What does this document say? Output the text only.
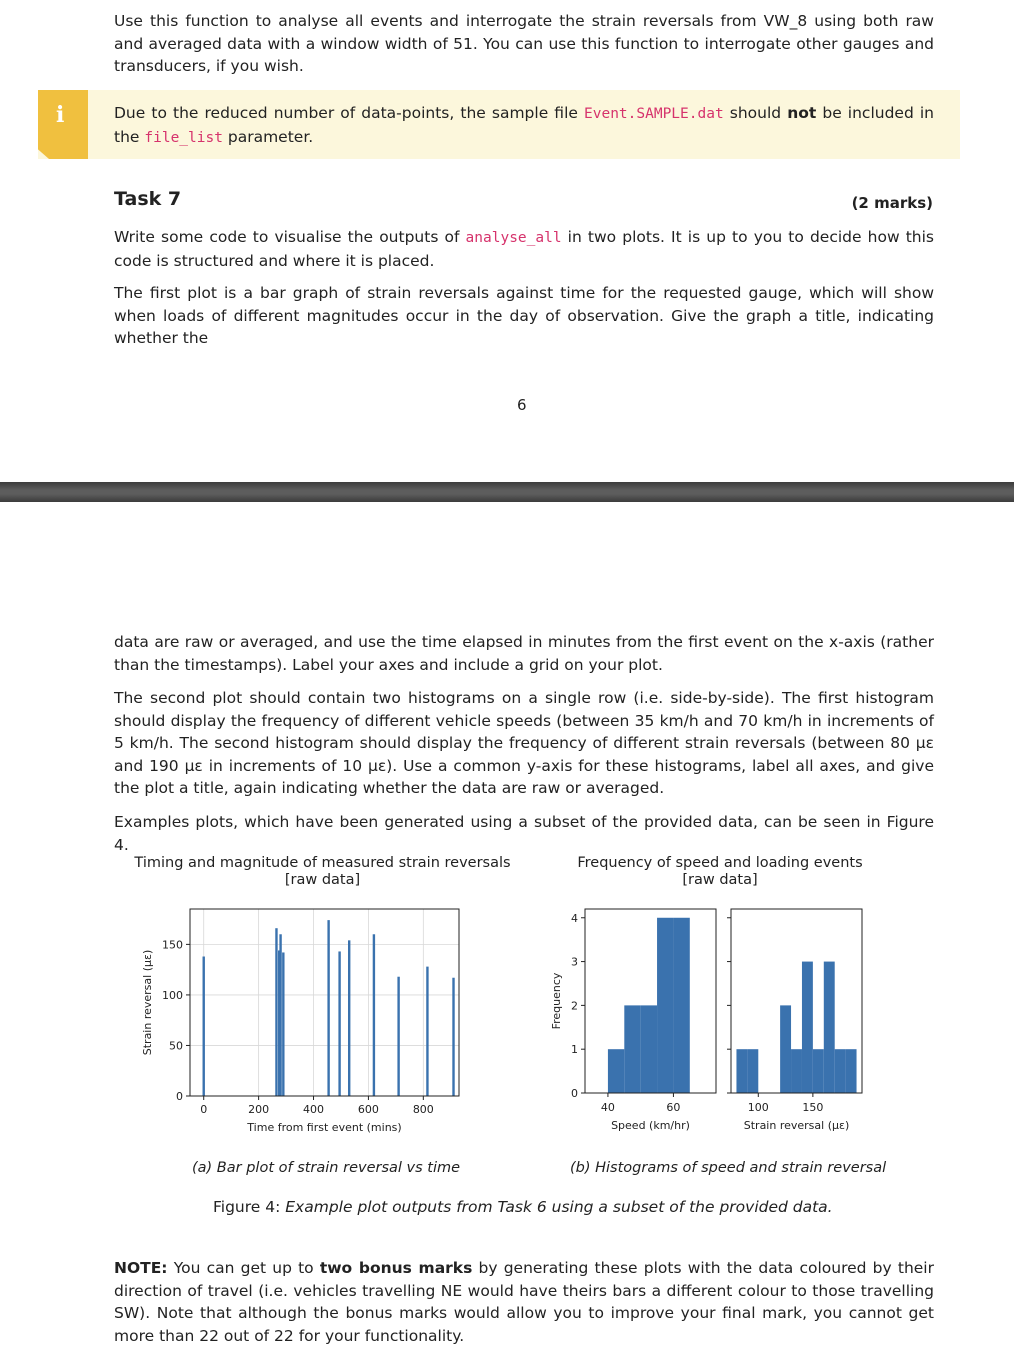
Use this function to analyse all events and interrogate the strain reversals from VW_8 using both raw and averaged data with a window width of 51. You can use this function to interrogate other gauges and transducers, if you wish.
i	Due to the reduced number of data-points, the sample file Event.SAMPLE.dat should not be included in the file_list parameter.
Task 7	(2 marks)
Write some code to visualise the outputs of analyse_all in two plots. It is up to you to decide how this code is structured and where it is placed.
The first plot is a bar graph of strain reversals against time for the requested gauge, which will show when loads of different magnitudes occur in the day of observation. Give the graph a title, indicating whether the
6
data are raw or averaged, and use the time elapsed in minutes from the first event on the x-axis (rather than the timestamps). Label your axes and include a grid on your plot.
The second plot should contain two histograms on a single row (i.e. side-by-side). The first histogram should display the frequency of different vehicle speeds (between 35 km/h and 70 km/h in increments of 5 km/h. The second histogram should display the frequency of different strain reversals (between 80 με and 190 με in increments of 10 με). Use a common y-axis for these histograms, label all axes, and give the plot a title, again indicating whether the data are raw or averaged.
Examples plots, which have been generated using a subset of the provided data, can be seen in Figure 4.
Timing and magnitude of measured strain reversals
[raw data]
0	200	400	600	800
0
50
100
150
Time from first event (mins)
Strain reversal (με)
Frequency of speed and loading events
[raw data]
40	60
Speed (km/hr)
100	150
Strain reversal (με)
0
1
2
3
4
Frequency
(a) Bar plot of strain reversal vs time	(b) Histograms of speed and strain reversal
Figure 4: Example plot outputs from Task 6 using a subset of the provided data.
NOTE: You can get up to two bonus marks by generating these plots with the data coloured by their direction of travel (i.e. vehicles travelling NE would have theirs bars a different colour to those travelling SW). Note that although the bonus marks would allow you to improve your final mark, you cannot get more than 22 out of 22 for your functionality.
